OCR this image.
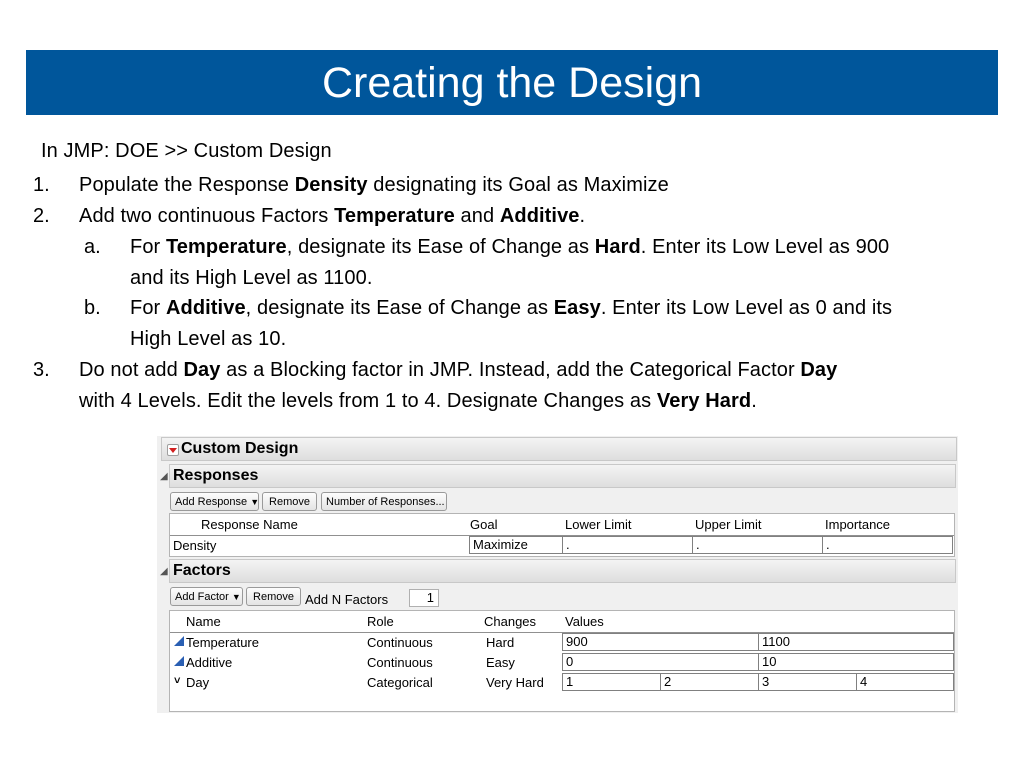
Creating the Design
In JMP: DOE >> Custom Design
1. Populate the Response Density designating its Goal as Maximize
2. Add two continuous Factors Temperature and Additive.
a. For Temperature, designate its Ease of Change as Hard. Enter its Low Level as 900
and its High Level as 1100.
b. For Additive, designate its Ease of Change as Easy. Enter its Low Level as 0 and its
High Level as 10.
3. Do not add Day as a Blocking factor in JMP. Instead, add the Categorical Factor Day
with 4 Levels. Edit the levels from 1 to 4. Designate Changes as Very Hard.
Custom Design
◢ Responses
Add Response ▼ Remove	Number of Responses...
Response Name	Goal	Lower Limit	Upper Limit	Importance
Density	Maximize	.	.	.
◢ Factors
Add Factor ▼	Remove Add N Factors	1
Name	Role	Changes Values
Temperature	Continuous	Hard	900	1100
Additive	Continuous	Easy	0	10
˅ Day	Categorical	Very Hard	1	2	3	4
